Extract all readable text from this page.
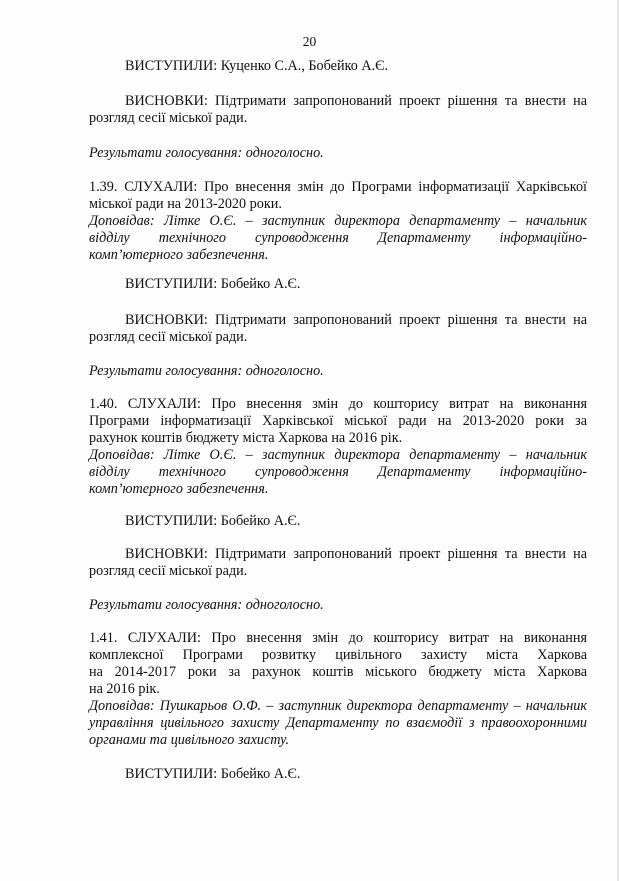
20
ВИСТУПИЛИ: Куценко С.А., Бобейко А.Є.
ВИСНОВКИ: Підтримати запропонований проект рішення та внести на
розгляд сесії міської ради.
Результати голосування: одноголосно.
1.39. СЛУХАЛИ: Про внесення змін до Програми інформатизації Харківської
міської ради на 2013-2020 роки.
Доповідав: Літке О.Є. – заступник директора департаменту – начальник
відділу технічного супроводження Департаменту інформаційно-
комп’ютерного забезпечення.
ВИСТУПИЛИ: Бобейко А.Є.
ВИСНОВКИ: Підтримати запропонований проект рішення та внести на
розгляд сесії міської ради.
Результати голосування: одноголосно.
1.40. СЛУХАЛИ: Про внесення змін до кошторису витрат на виконання
Програми інформатизації Харківської міської ради на 2013-2020 роки за
рахунок коштів бюджету міста Харкова на 2016 рік.
Доповідав: Літке О.Є. – заступник директора департаменту – начальник
відділу технічного супроводження Департаменту інформаційно-
комп’ютерного забезпечення.
ВИСТУПИЛИ: Бобейко А.Є.
ВИСНОВКИ: Підтримати запропонований проект рішення та внести на
розгляд сесії міської ради.
Результати голосування: одноголосно.
1.41. СЛУХАЛИ: Про внесення змін до кошторису витрат на виконання
комплексної Програми розвитку цивільного захисту міста Харкова
на 2014-2017 роки за рахунок коштів міського бюджету міста Харкова
на 2016 рік.
Доповідав: Пушкарьов О.Ф. – заступник директора департаменту – начальник
управління цивільного захисту Департаменту по взаємодії з правоохоронними
органами та цивільного захисту.
ВИСТУПИЛИ: Бобейко А.Є.
